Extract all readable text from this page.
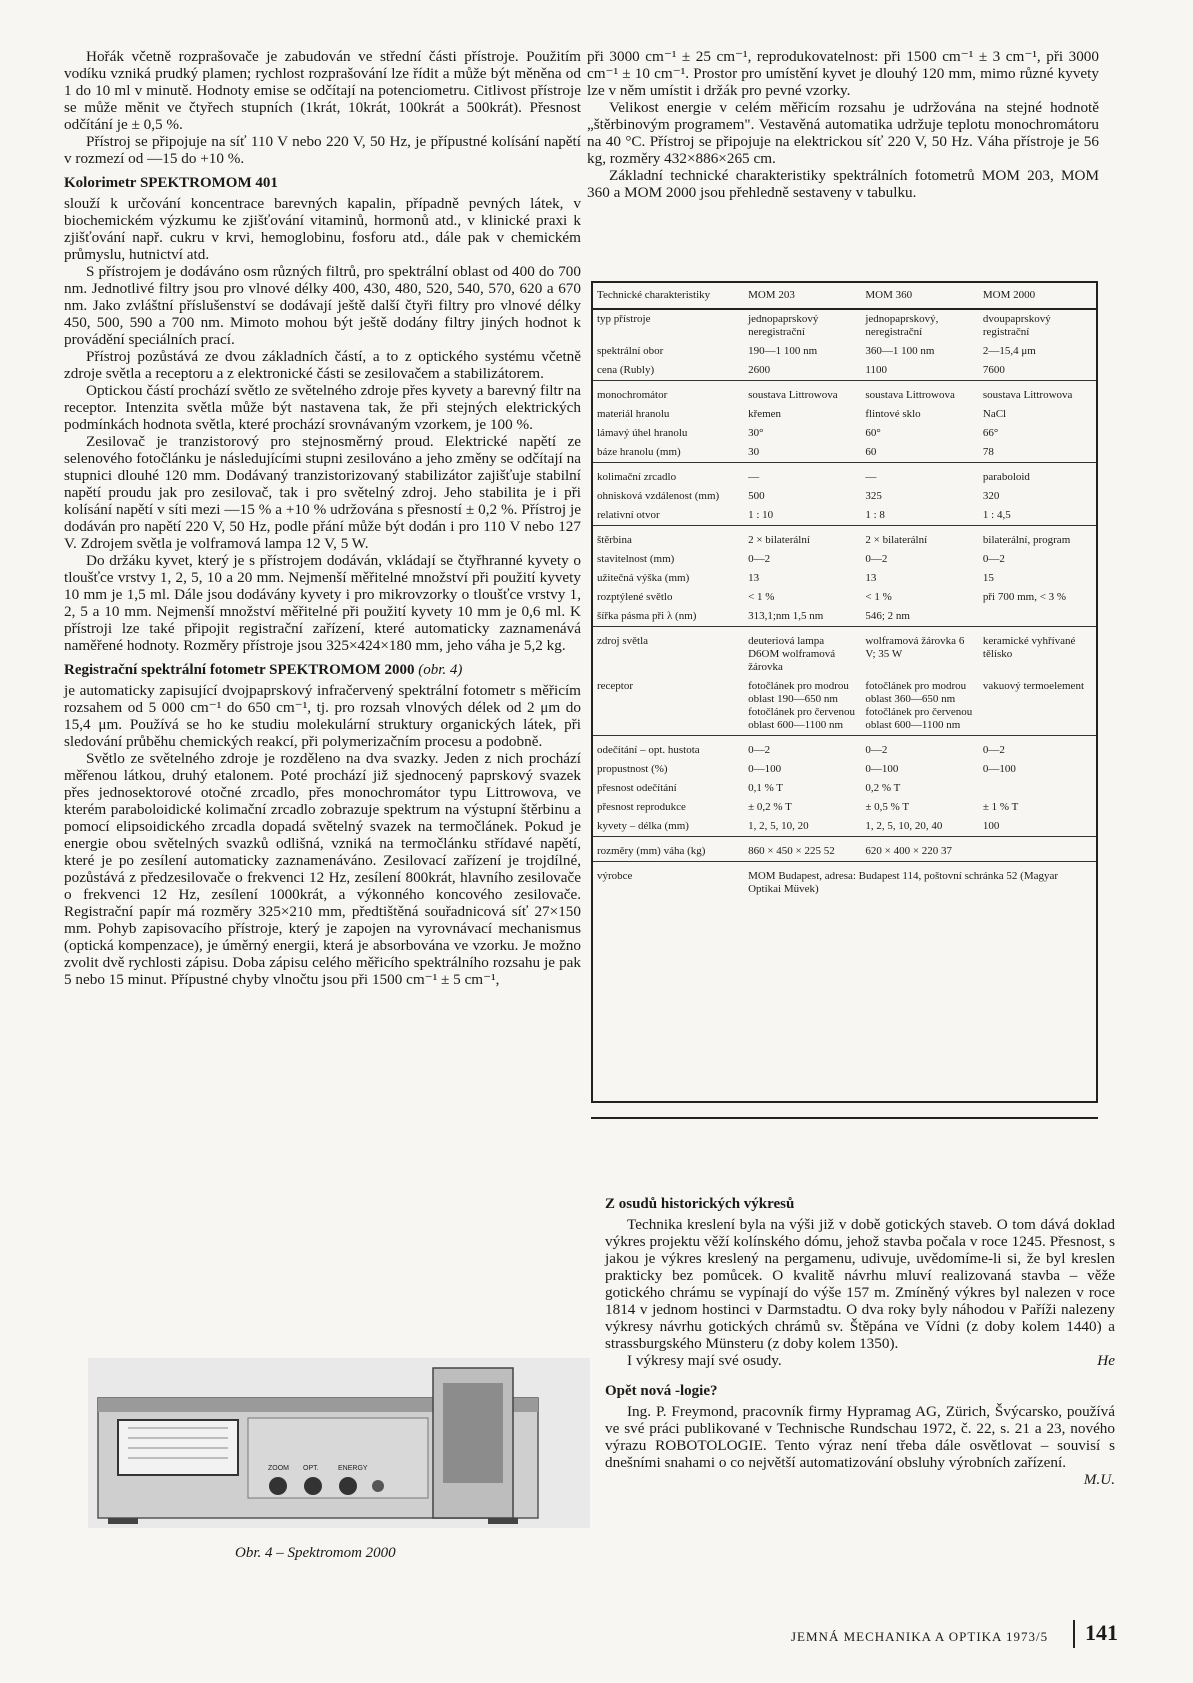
Hořák včetně rozprašovače je zabudován ve střední části přístroje. Použitím vodíku vzniká prudký plamen; rychlost rozprašování lze řídit a může být měněna od 1 do 10 ml v minutě. Hodnoty emise se odčítají na potenciometru. Citlivost přístroje se může měnit ve čtyřech stupních (1krát, 10krát, 100krát a 500krát). Přesnost odčítání je ± 0,5 %.

Přístroj se připojuje na síť 110 V nebo 220 V, 50 Hz, je přípustné kolísání napětí v rozmezí od —15 do +10 %.

Kolorimetr SPEKTROMOM 401

slouží k určování koncentrace barevných kapalin, případně pevných látek, v biochemickém výzkumu ke zjišťování vitaminů, hormonů atd., v klinické praxi k zjišťování např. cukru v krvi, hemoglobinu, fosforu atd., dále pak v chemickém průmyslu, hutnictví atd.

S přístrojem je dodáváno osm různých filtrů, pro spektrální oblast od 400 do 700 nm. Jednotlivé filtry jsou pro vlnové délky 400, 430, 480, 520, 540, 570, 620 a 670 nm. Jako zvláštní příslušenství se dodávají ještě další čtyři filtry pro vlnové délky 450, 500, 590 a 700 nm. Mimoto mohou být ještě dodány filtry jiných hodnot k provádění speciálních prací.

Přístroj pozůstává ze dvou základních částí, a to z optického systému včetně zdroje světla a receptoru a z elektronické části se zesilovačem a stabilizátorem.

Optickou částí prochází světlo ze světelného zdroje přes kyvety a barevný filtr na receptor. Intenzita světla může být nastavena tak, že při stejných elektrických podmínkách hodnota světla, které prochází srovnávaným vzorkem, je 100 %.

Zesilovač je tranzistorový pro stejnosměrný proud. Elektrické napětí ze selenového fotočlánku je následujícími stupni zesilováno a jeho změny se odčítají na stupnici dlouhé 120 mm. Dodávaný tranzistorizovaný stabilizátor zajišťuje stabilní napětí proudu jak pro zesilovač, tak i pro světelný zdroj. Jeho stabilita je i při kolísání napětí v síti mezi —15 % a +10 % udržována s přesností ± 0,2 %. Přístroj je dodáván pro napětí 220 V, 50 Hz, podle přání může být dodán i pro 110 V nebo 127 V. Zdrojem světla je volframová lampa 12 V, 5 W.

Do držáku kyvet, který je s přístrojem dodáván, vkládají se čtyřhranné kyvety o tloušťce vrstvy 1, 2, 5, 10 a 20 mm. Nejmenší měřitelné množství při použití kyvety 10 mm je 1,5 ml. Dále jsou dodávány kyvety i pro mikrovzorky o tloušťce vrstvy 1, 2, 5 a 10 mm. Nejmenší množství měřitelné při použití kyvety 10 mm je 0,6 ml. K přístroji lze také připojit registrační zařízení, které automaticky zaznamenává naměřené hodnoty. Rozměry přístroje jsou 325×424×180 mm, jeho váha je 5,2 kg.

Registrační spektrální fotometr SPEKTROMOM 2000 (obr. 4)

je automaticky zapisující dvojpaprskový infračervený spektrální fotometr s měřicím rozsahem od 5 000 cm⁻¹ do 650 cm⁻¹, tj. pro rozsah vlnových délek od 2 μm do 15,4 μm. Používá se ho ke studiu molekulární struktury organických látek, při sledování průběhu chemických reakcí, při polymerizačním procesu a podobně.

Světlo ze světelného zdroje je rozděleno na dva svazky. Jeden z nich prochází měřenou látkou, druhý etalonem. Poté prochází již sjednocený paprskový svazek přes jednosektorové otočné zrcadlo, přes monochromátor typu Littrowova, ve kterém paraboloidické kolimační zrcadlo zobrazuje spektrum na výstupní štěrbinu a pomocí elipsoidického zrcadla dopadá světelný svazek na termočlánek. Pokud je energie obou světelných svazků odlišná, vzniká na termočlánku střídavé napětí, které je po zesílení automaticky zaznamenáváno. Zesilovací zařízení je trojdílné, pozůstává z předzesilovače o frekvenci 12 Hz, zesílení 800krát, hlavního zesilovače o frekvenci 12 Hz, zesílení 1000krát, a výkonného koncového zesilovače. Registrační papír má rozměry 325×210 mm, předtištěná souřadnicová síť 27×150 mm. Pohyb zapisovacího přístroje, který je zapojen na vyrovnávací mechanismus (optická kompenzace), je úměrný energii, která je absorbována ve vzorku. Je možno zvolit dvě rychlosti zápisu. Doba zápisu celého měřicího spektrálního rozsahu je pak 5 nebo 15 minut. Přípustné chyby vlnočtu jsou při 1500 cm⁻¹ ± 5 cm⁻¹,

při 3000 cm⁻¹ ± 25 cm⁻¹, reprodukovatelnost: při 1500 cm⁻¹ ± 3 cm⁻¹, při 3000 cm⁻¹ ± 10 cm⁻¹. Prostor pro umístění kyvet je dlouhý 120 mm, mimo různé kyvety lze v něm umístit i držák pro pevné vzorky.

Velikost energie v celém měřicím rozsahu je udržována na stejné hodnotě „štěrbinovým programem". Vestavěná automatika udržuje teplotu monochromátoru na 40 °C. Přístroj se připojuje na elektrickou síť 220 V, 50 Hz. Váha přístroje je 56 kg, rozměry 432×886×265 cm.

Základní technické charakteristiky spektrálních fotometrů MOM 203, MOM 360 a MOM 2000 jsou přehledně sestaveny v tabulku.

Technické charakteristiky	MOM 203	MOM 360	MOM 2000
typ přístroje	jednopaprskový neregistrační	jednopaprskový, neregistrační	dvoupaprskový registrační
spektrální obor	190—1 100 nm	360—1 100 nm	2—15,4 μm
cena (Rubly)	2600	1100	7600
monochromátor	soustava Littrowova	soustava Littrowova	soustava Littrowova
materiál hranolu	křemen	flintové sklo	NaCl
lámavý úhel hranolu	30°	60°	66°
báze hranolu (mm)	30	60	78
kolimační zrcadlo	—	—	paraboloid
ohnisková vzdálenost (mm)	500	325	320
relativní otvor	1 : 10	1 : 8	1 : 4,5
štěrbina	2 × bilaterální	2 × bilaterální	bilaterální, program
stavitelnost (mm)	0—2	0—2	0—2
užitečná výška (mm)	13	13	15
rozptýlené světlo	< 1 %	< 1 %	při 700 mm, < 3 %
šířka pásma při λ (nm)	313,1;nm 1,5 nm	546; 2 nm	
zdroj světla	deuteriová lampa D6OM wolframová žárovka	wolframová žárovka 6 V; 35 W	keramické vyhřívané tělísko
receptor	fotočlánek pro modrou oblast 190—650 nm fotočlánek pro červenou oblast 600—1100 nm	fotočlánek pro modrou oblast 360—650 nm fotočlánek pro červenou oblast 600—1100 nm	vakuový termoelement
odečítání – opt. hustota	0—2	0—2	0—2
propustnost (%)	0—100	0—100	0—100
přesnost odečítání	0,1 % T	0,2 % T	
přesnost reprodukce	± 0,2 % T	± 0,5 % T	± 1 % T
kyvety – délka (mm)	1, 2, 5, 10, 20	1, 2, 5, 10, 20, 40	100
rozměry (mm) váha (kg)	860 × 450 × 225 52	620 × 400 × 220 37	
výrobce	MOM Budapest, adresa: Budapest 114, poštovní schránka 52 (Magyar Optikai Müvek)		
Z osudů historických výkresů

Technika kreslení byla na výši již v době gotických staveb. O tom dává doklad výkres projektu věží kolínského dómu, jehož stavba počala v roce 1245. Přesnost, s jakou je výkres kreslený na pergamenu, udivuje, uvědomíme-li si, že byl kreslen prakticky bez pomůcek. O kvalitě návrhu mluví realizovaná stavba – věže gotického chrámu se vypínají do výše 157 m. Zmíněný výkres byl nalezen v roce 1814 v jednom hostinci v Darmstadtu. O dva roky byly náhodou v Paříži nalezeny výkresy návrhu gotických chrámů sv. Štěpána ve Vídni (z doby kolem 1440) a strassburgského Münsteru (z doby kolem 1350).

I výkresy mají své osudy.	He

Opět nová -logie?

Ing. P. Freymond, pracovník firmy Hypramag AG, Zürich, Švýcarsko, používá ve své práci publikované v Technische Rundschau 1972, č. 22, s. 21 a 23, nového výrazu ROBOTOLOGIE. Tento výraz není třeba dále osvětlovat – souvisí s dnešními snahami o co největší automatizování obsluhy výrobních zařízení.

M.U.

ZOOM OPT.	ENERGY
Obr. 4 – Spektromom 2000
JEMNÁ MECHANIKA A OPTIKA 1973/5 141
